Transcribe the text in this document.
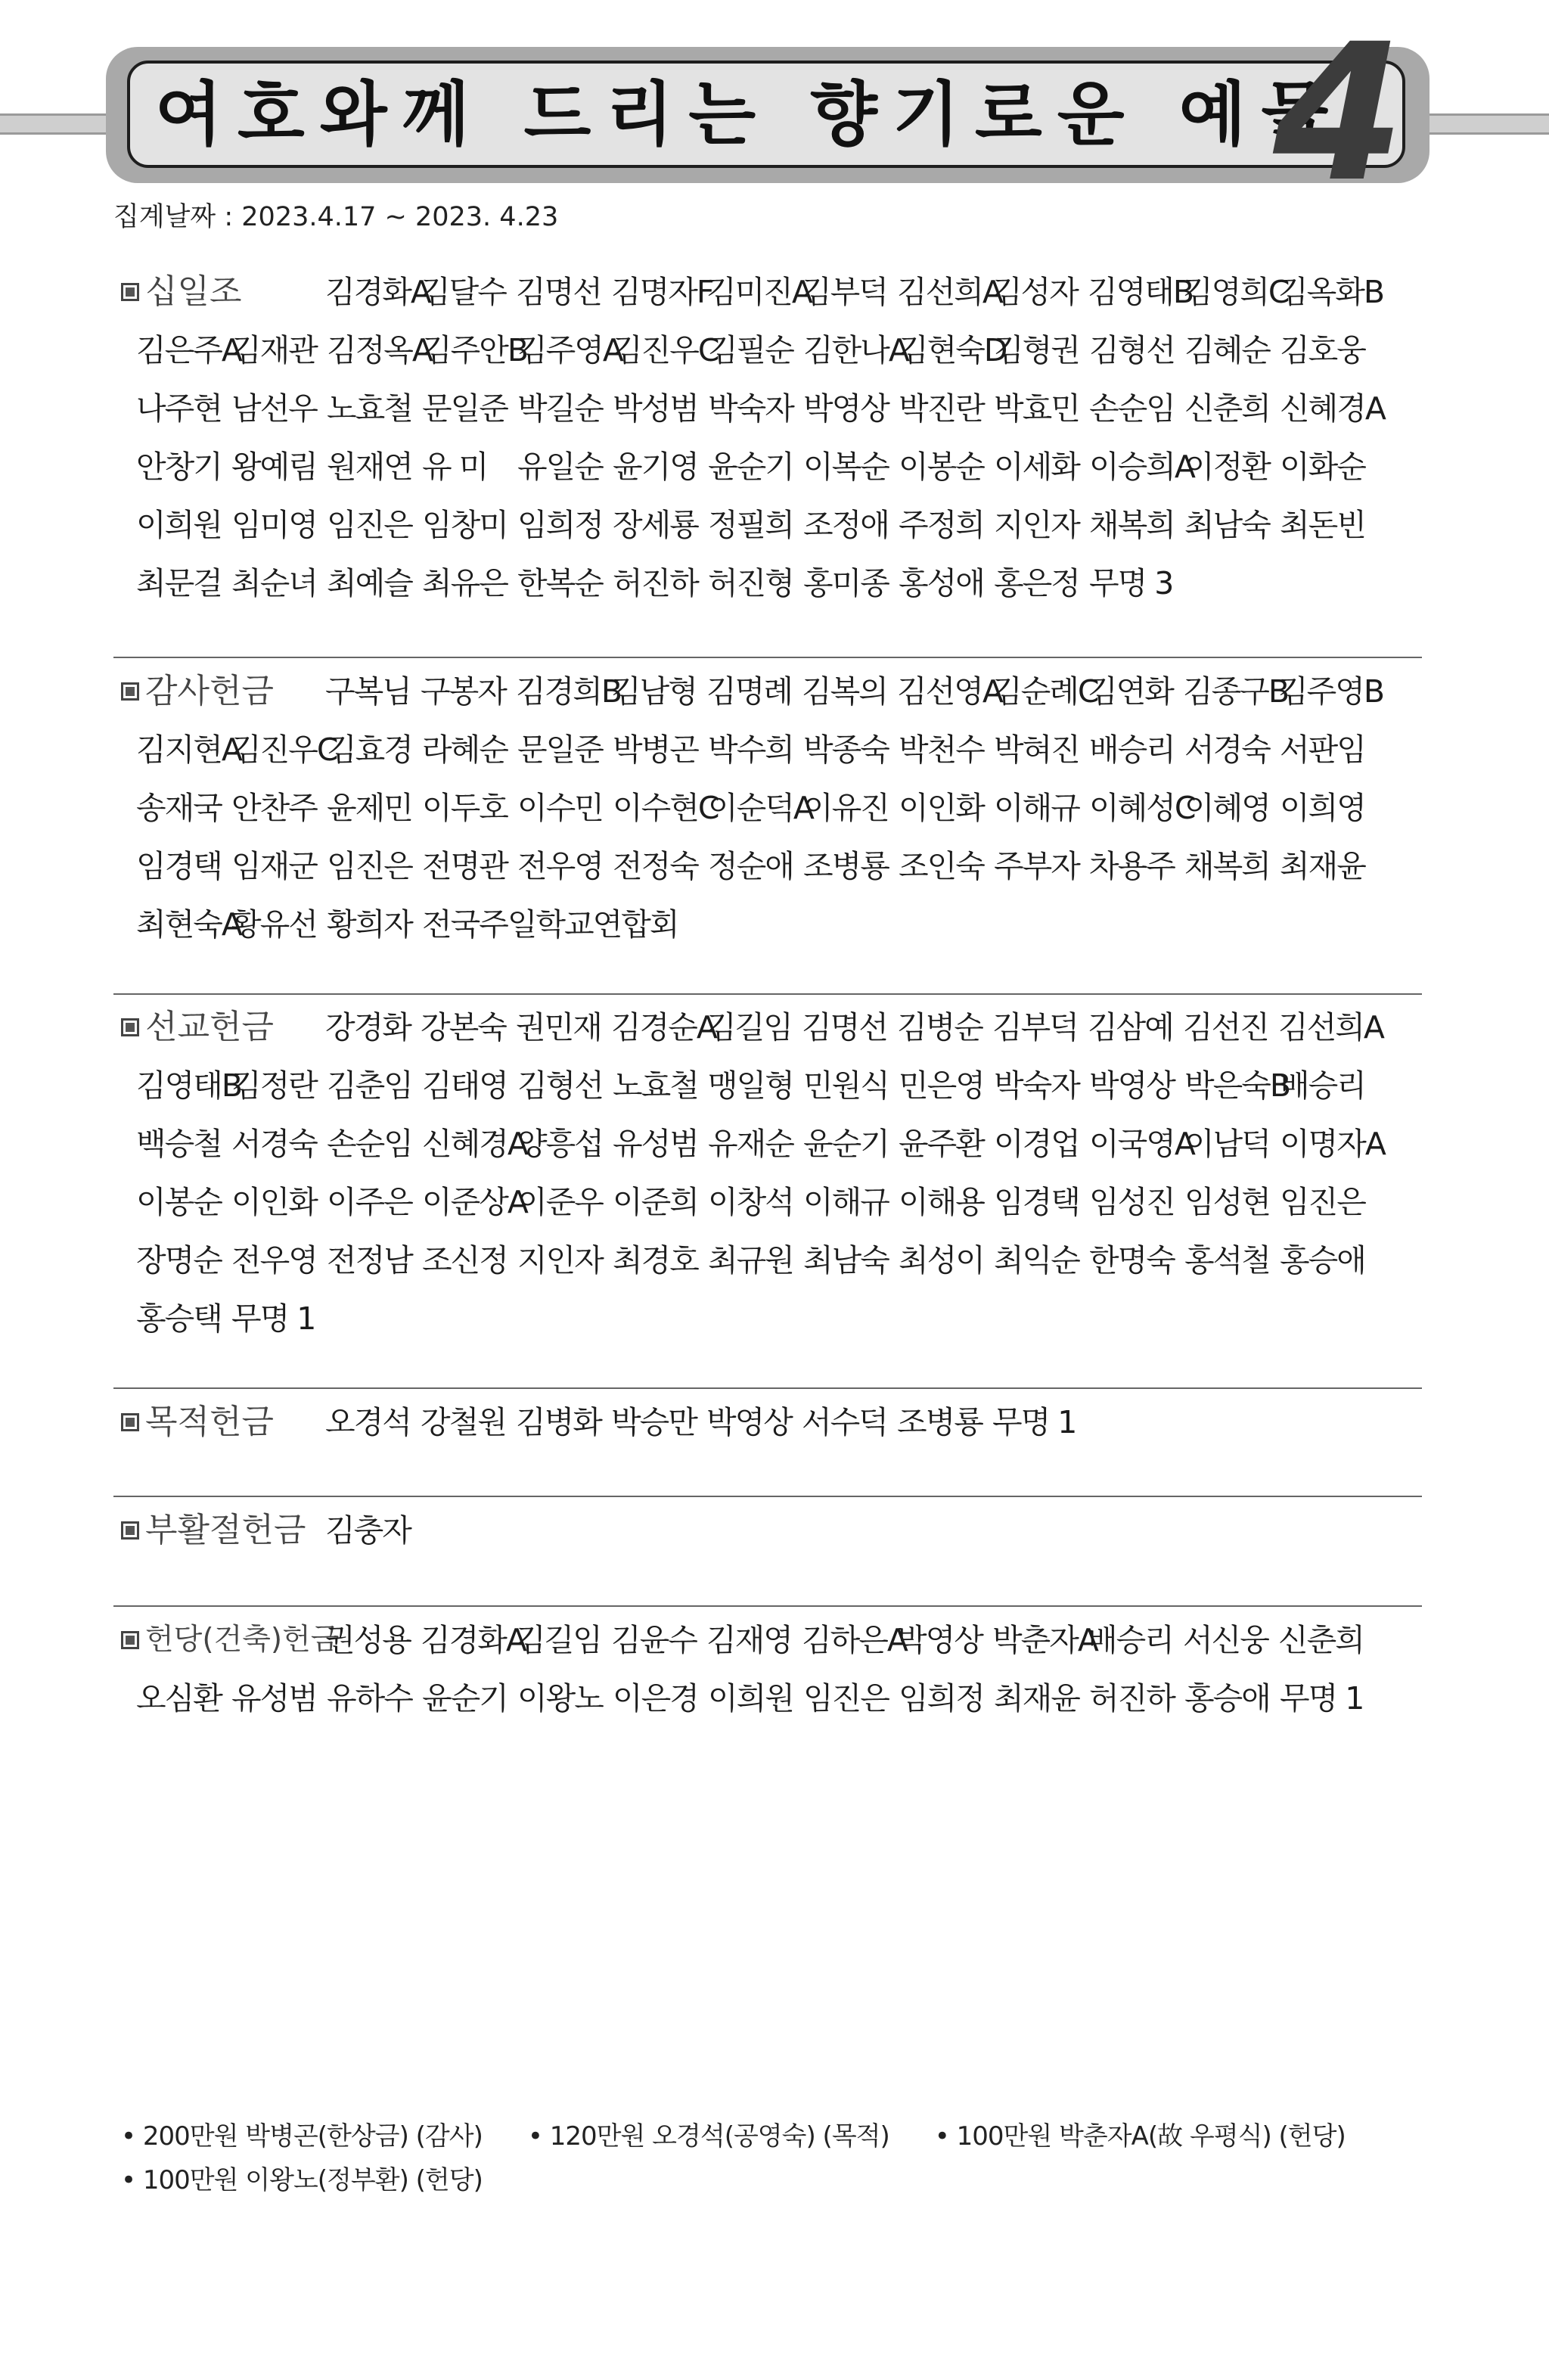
여호와께 드리는 향기로운 예물
4
집계날짜 : 2023.4.17 ~ 2023. 4.23
십일조	김경화A
김달수 김명선 김명자F
김미진A
김부덕 김선희A
김성자 김영태B
김영희C
김옥화B
김은주A
김재관 김정옥A
김주안B
김주영A
김진우C
김필순 김한나A
김현숙D
김형권 김형선 김혜순 김호웅
나주현 남선우 노효철 문일준 박길순 박성범 박숙자 박영상 박진란 박효민 손순임 신춘희 신혜경A
안창기 왕예림 원재연 유 미 유일순 윤기영 윤순기 이복순 이봉순 이세화 이승희A
이정환 이화순
이희원 임미영 임진은 임창미 임희정 장세룡 정필희 조정애 주정희 지인자 채복희 최남숙 최돈빈
최문걸 최순녀 최예슬 최유은 한복순 허진하 허진형 홍미종 홍성애 홍은정 무명 3
감사헌금 구복님 구봉자 김경희B
김남형 김명례 김복의 김선영A
김순례C
김연화 김종구B
김주영B
김지현A
김진우C
김효경 라혜순 문일준 박병곤 박수희 박종숙 박천수 박혀진 배승리 서경숙 서판임
송재국 안찬주 윤제민 이두호 이수민 이수현C
이순덕A
이유진 이인화 이해규 이혜성C
이혜영 이희영
임경택 임재군 임진은 전명관 전우영 전정숙 정순애 조병룡 조인숙 주부자 차용주 채복희 최재윤
최현숙A
황유선 황희자 전국주일학교연합회
선교헌금 강경화 강본숙 권민재 김경순A
김길임 김명선 김병순 김부덕 김삼예 김선진 김선희A
김영태B
김정란 김춘임 김태영 김형선 노효철 맹일형 민원식 민은영 박숙자 박영상 박은숙B
배승리
백승철 서경숙 손순임 신혜경A
양흥섭 유성범 유재순 윤순기 윤주환 이경업 이국영A
이남덕 이명자A
이봉순 이인화 이주은 이준상A
이준우 이준희 이창석 이해규 이해용 임경택 임성진 임성현 임진은
장명순 전우영 전정남 조신정 지인자 최경호 최규원 최남숙 최성이 최익순 한명숙 홍석철 홍승애
홍승택 무명 1
목적헌금 오경석 강철원 김병화 박승만 박영상 서수덕 조병룡 무명 1
부활절헌금 김충자
헌당(건축)헌금
권성용 김경화A
김길임 김윤수 김재영 김하은A
박영상 박춘자A
배승리 서신웅 신춘희
오심환 유성범 유하수 윤순기 이왕노 이은경 이희원 임진은 임희정 최재윤 허진하 홍승애 무명 1
• 200만원 박병곤(한상금) (감사)	• 120만원 오경석(공영숙) (목적)	• 100만원 박춘자A(故 우평식) (헌당)
• 100만원 이왕노(정부환) (헌당)
